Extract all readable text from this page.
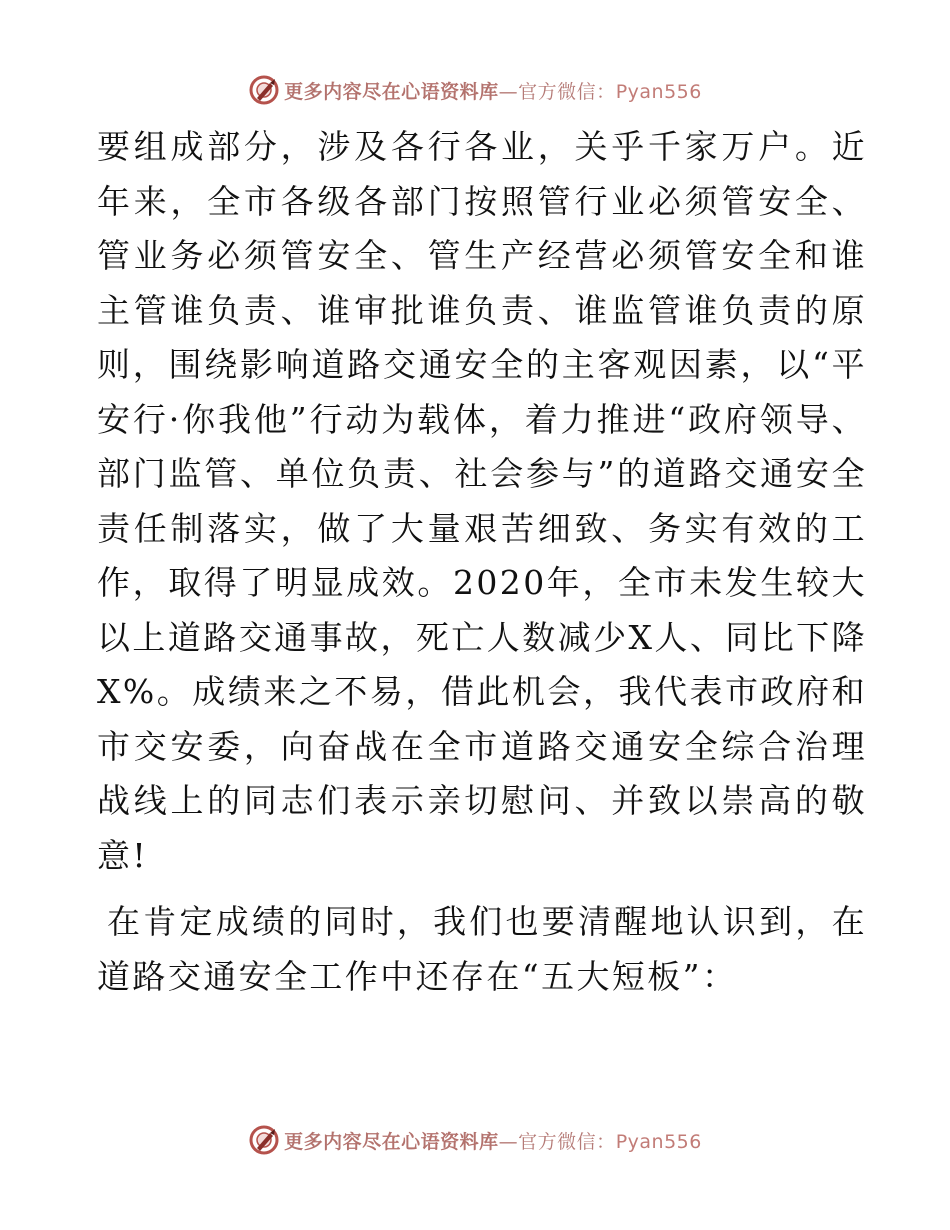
更多内容尽在心语资料库—官方微信：Pyan556

要组成部分，涉及各行各业，关乎千家万户。近年来，全市各级各部门按照管行业必须管安全、管业务必须管安全、管生产经营必须管安全和谁主管谁负责、谁审批谁负责、谁监管谁负责的原则，围绕影响道路交通安全的主客观因素，以“平安行·你我他”行动为载体，着力推进“政府领导、部门监管、单位负责、社会参与”的道路交通安全责任制落实，做了大量艰苦细致、务实有效的工作，取得了明显成效。2020年，全市未发生较大以上道路交通事故，死亡人数减少X人、同比下降X%。成绩来之不易，借此机会，我代表市政府和市交安委，向奋战在全市道路交通安全综合治理战线上的同志们表示亲切慰问、并致以崇高的敬意!

在肯定成绩的同时，我们也要清醒地认识到，在道路交通安全工作中还存在“五大短板”：

更多内容尽在心语资料库—官方微信：Pyan556
